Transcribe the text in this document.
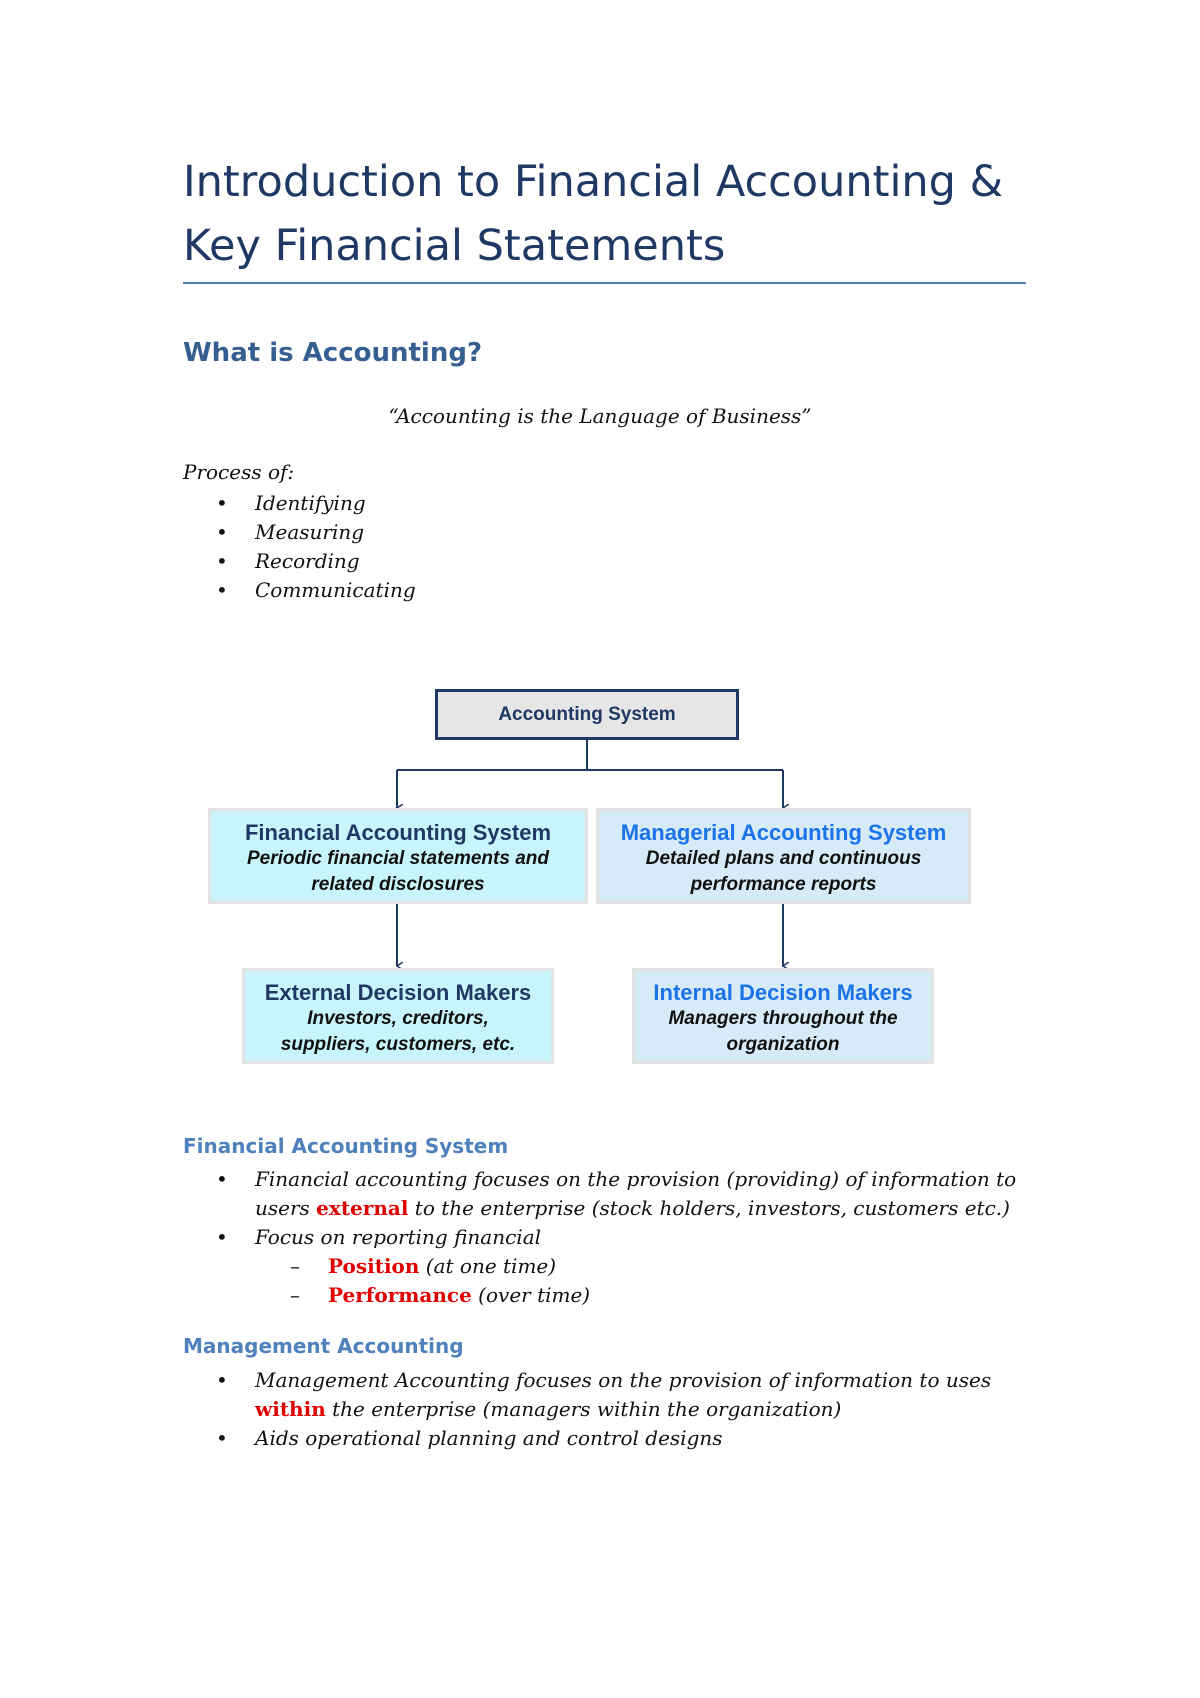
Introduction to Financial Accounting &
Key Financial Statements
What is Accounting?
“Accounting is the Language of Business”
Process of:
• Identifying
• Measuring
• Recording
• Communicating
Accounting System
Financial Accounting System
Periodic financial statements and
related disclosures
Managerial Accounting System
Detailed plans and continuous
performance reports
External Decision Makers
Investors, creditors,
suppliers, customers, etc.
Internal Decision Makers
Managers throughout the
organization
Financial Accounting System
• Financial accounting focuses on the provision (providing) of information to
users external to the enterprise (stock holders, investors, customers etc.)
• Focus on reporting financial
– Position (at one time)
– Performance (over time)
Management Accounting
• Management Accounting focuses on the provision of information to uses
within the enterprise (managers within the organization)
• Aids operational planning and control designs
